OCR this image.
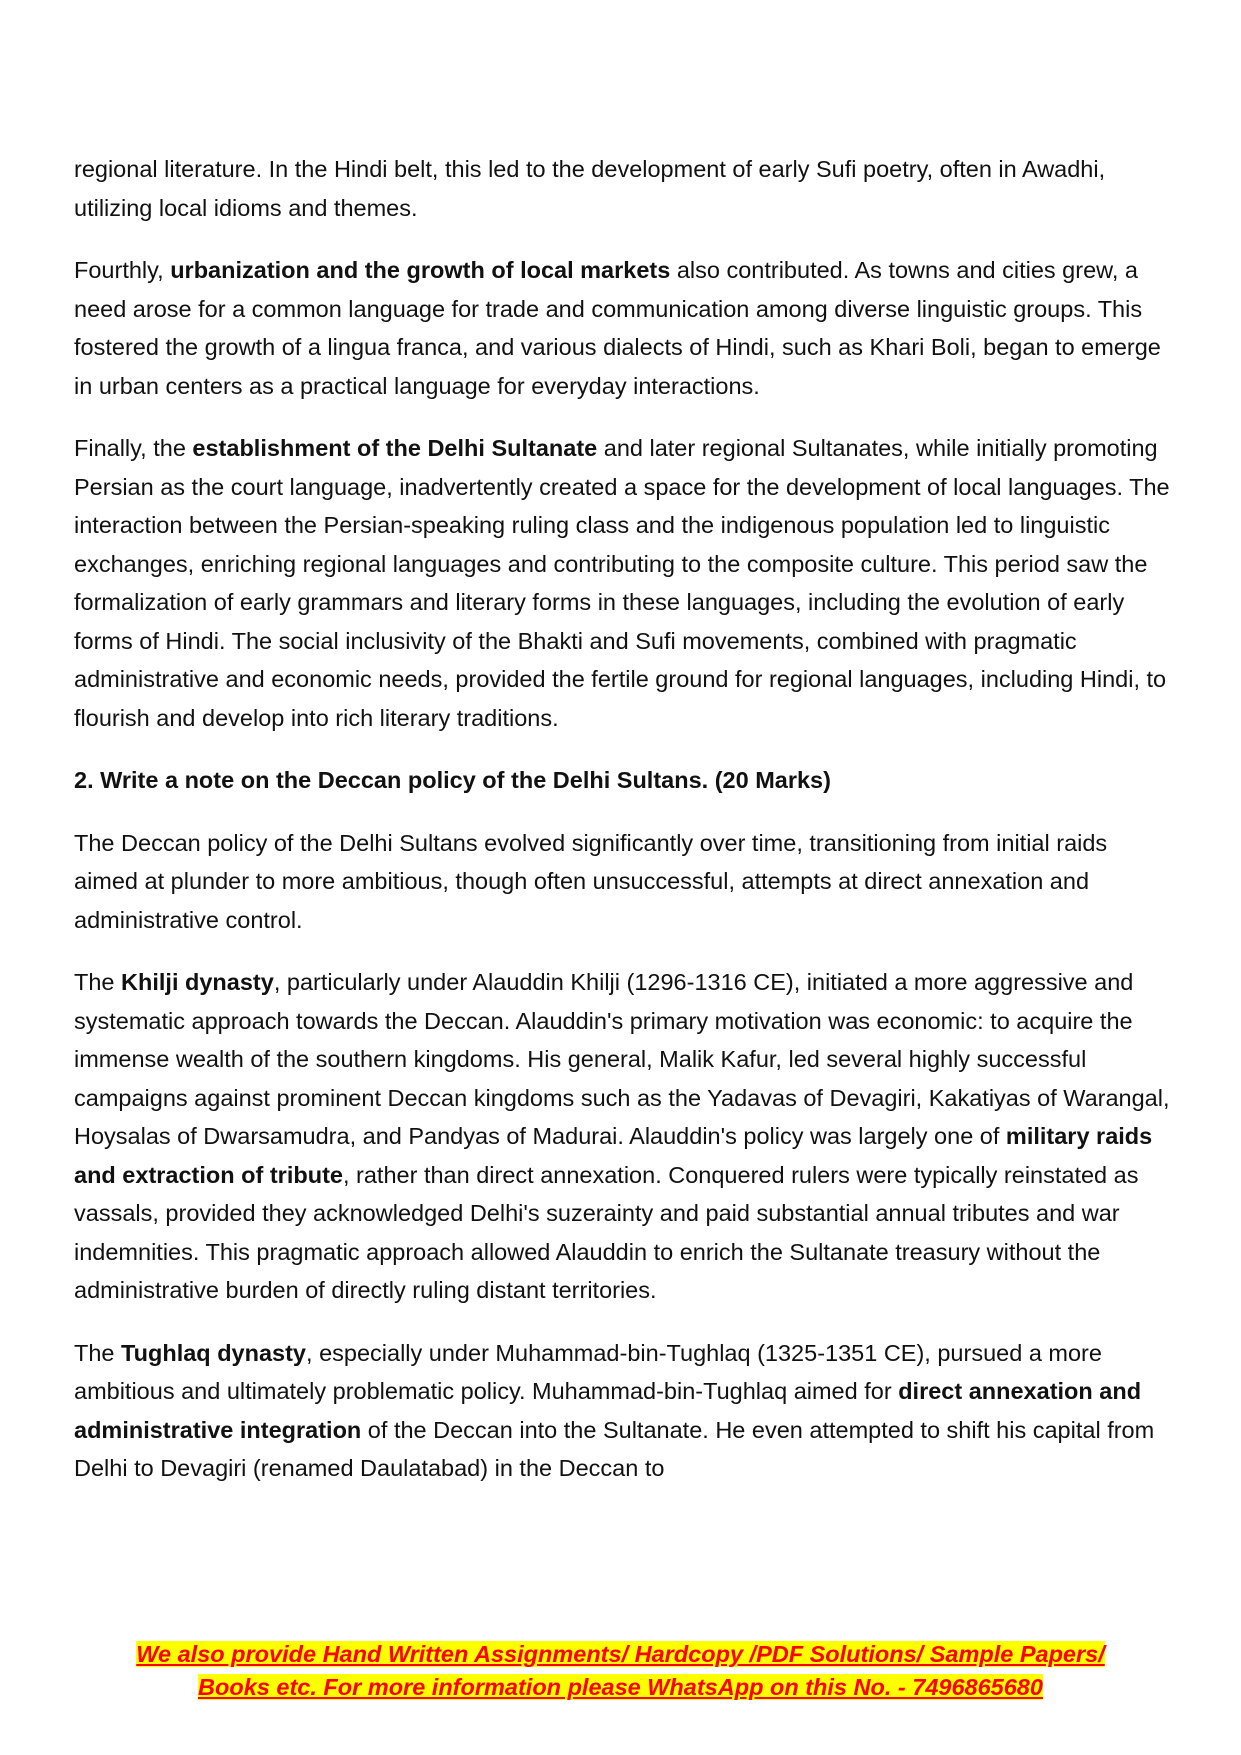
regional literature. In the Hindi belt, this led to the development of early Sufi poetry, often in Awadhi, utilizing local idioms and themes.

Fourthly, urbanization and the growth of local markets also contributed. As towns and cities grew, a need arose for a common language for trade and communication among diverse linguistic groups. This fostered the growth of a lingua franca, and various dialects of Hindi, such as Khari Boli, began to emerge in urban centers as a practical language for everyday interactions.

Finally, the establishment of the Delhi Sultanate and later regional Sultanates, while initially promoting Persian as the court language, inadvertently created a space for the development of local languages. The interaction between the Persian-speaking ruling class and the indigenous population led to linguistic exchanges, enriching regional languages and contributing to the composite culture. This period saw the formalization of early grammars and literary forms in these languages, including the evolution of early forms of Hindi. The social inclusivity of the Bhakti and Sufi movements, combined with pragmatic administrative and economic needs, provided the fertile ground for regional languages, including Hindi, to flourish and develop into rich literary traditions.

2. Write a note on the Deccan policy of the Delhi Sultans. (20 Marks)

The Deccan policy of the Delhi Sultans evolved significantly over time, transitioning from initial raids aimed at plunder to more ambitious, though often unsuccessful, attempts at direct annexation and administrative control.

The Khilji dynasty, particularly under Alauddin Khilji (1296-1316 CE), initiated a more aggressive and systematic approach towards the Deccan. Alauddin's primary motivation was economic: to acquire the immense wealth of the southern kingdoms. His general, Malik Kafur, led several highly successful campaigns against prominent Deccan kingdoms such as the Yadavas of Devagiri, Kakatiyas of Warangal, Hoysalas of Dwarsamudra, and Pandyas of Madurai. Alauddin's policy was largely one of military raids and extraction of tribute, rather than direct annexation. Conquered rulers were typically reinstated as vassals, provided they acknowledged Delhi's suzerainty and paid substantial annual tributes and war indemnities. This pragmatic approach allowed Alauddin to enrich the Sultanate treasury without the administrative burden of directly ruling distant territories.

The Tughlaq dynasty, especially under Muhammad-bin-Tughlaq (1325-1351 CE), pursued a more ambitious and ultimately problematic policy. Muhammad-bin-Tughlaq aimed for direct annexation and administrative integration of the Deccan into the Sultanate. He even attempted to shift his capital from Delhi to Devagiri (renamed Daulatabad) in the Deccan to

We also provide Hand Written Assignments/ Hardcopy /PDF Solutions/ Sample Papers/
Books etc. For more information please WhatsApp on this No. - 7496865680
